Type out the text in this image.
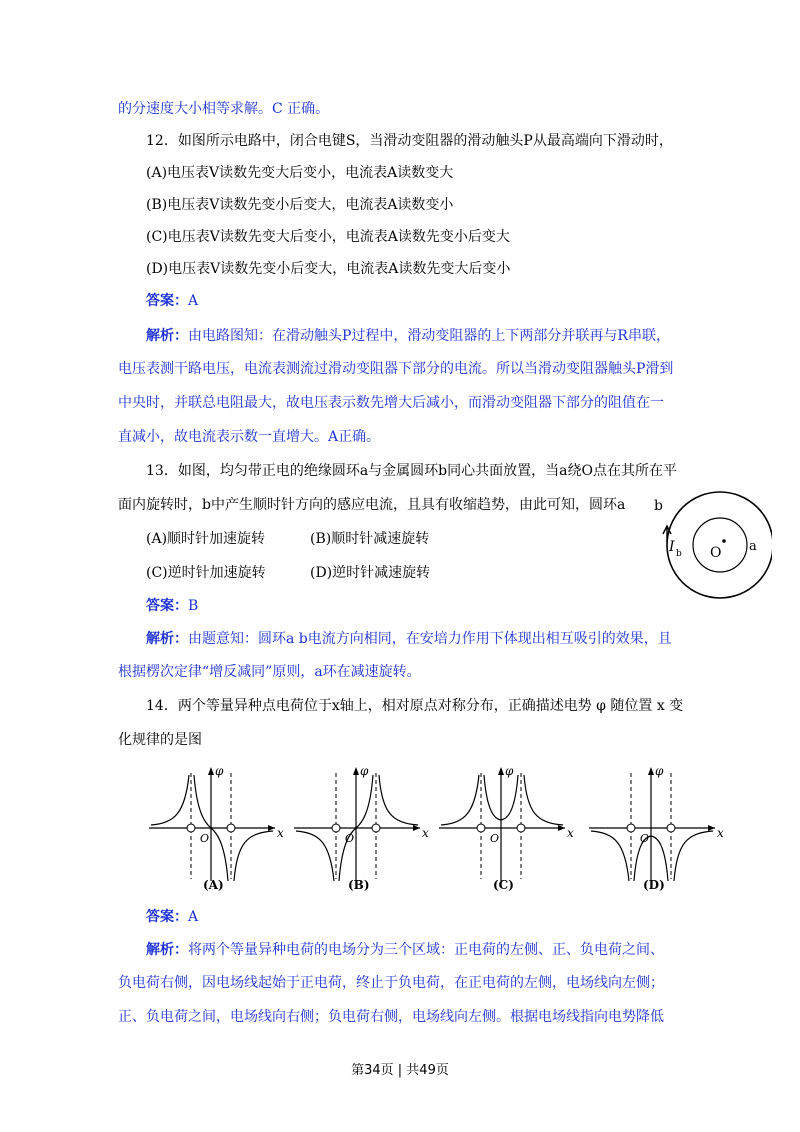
的分速度大小相等求解。C 正确。
12．如图所示电路中，闭合电键S，当滑动变阻器的滑动触头P从最高端向下滑动时，
(A)电压表V读数先变大后变小，电流表A读数变大
(B)电压表V读数先变小后变大，电流表A读数变小
(C)电压表V读数先变大后变小，电流表A读数先变小后变大
(D)电压表V读数先变小后变大，电流表A读数先变大后变小
答案：A
解析：由电路图知：在滑动触头P过程中，滑动变阻器的上下两部分并联再与R串联，
电压表测干路电压，电流表测流过滑动变阻器下部分的电流。所以当滑动变阻器触头P滑到
中央时，并联总电阻最大，故电压表示数先增大后减小，而滑动变阻器下部分的阻值在一
直减小，故电流表示数一直增大。A正确。
13．如图，均匀带正电的绝缘圆环a与金属圆环b同心共面放置，当a绕O点在其所在平
面内旋转时，b中产生顺时针方向的感应电流，且具有收缩趋势，由此可知，圆环a
(A)顺时针加速旋转	(B)顺时针减速旋转
(C)逆时针加速旋转	(D)逆时针减速旋转
b
a
O
I b
答案：B
解析：由题意知：圆环a b电流方向相同，在安培力作用下体现出相互吸引的效果，且
根据楞次定律“增反减同”原则，a环在减速旋转。
14．两个等量异种点电荷位于x轴上，相对原点对称分布，正确描述电势 φ 随位置 x 变
化规律的是图
φ
x
O
(A)
φ
x
O
(B)
φ
x
O
(C)
φ
x
O
(D)
答案：A
解析：将两个等量异种电荷的电场分为三个区域：正电荷的左侧、正、负电荷之间、
负电荷右侧，因电场线起始于正电荷，终止于负电荷，在正电荷的左侧，电场线向左侧；
正、负电荷之间，电场线向右侧；负电荷右侧，电场线向左侧。根据电场线指向电势降低
第34页 | 共49页
